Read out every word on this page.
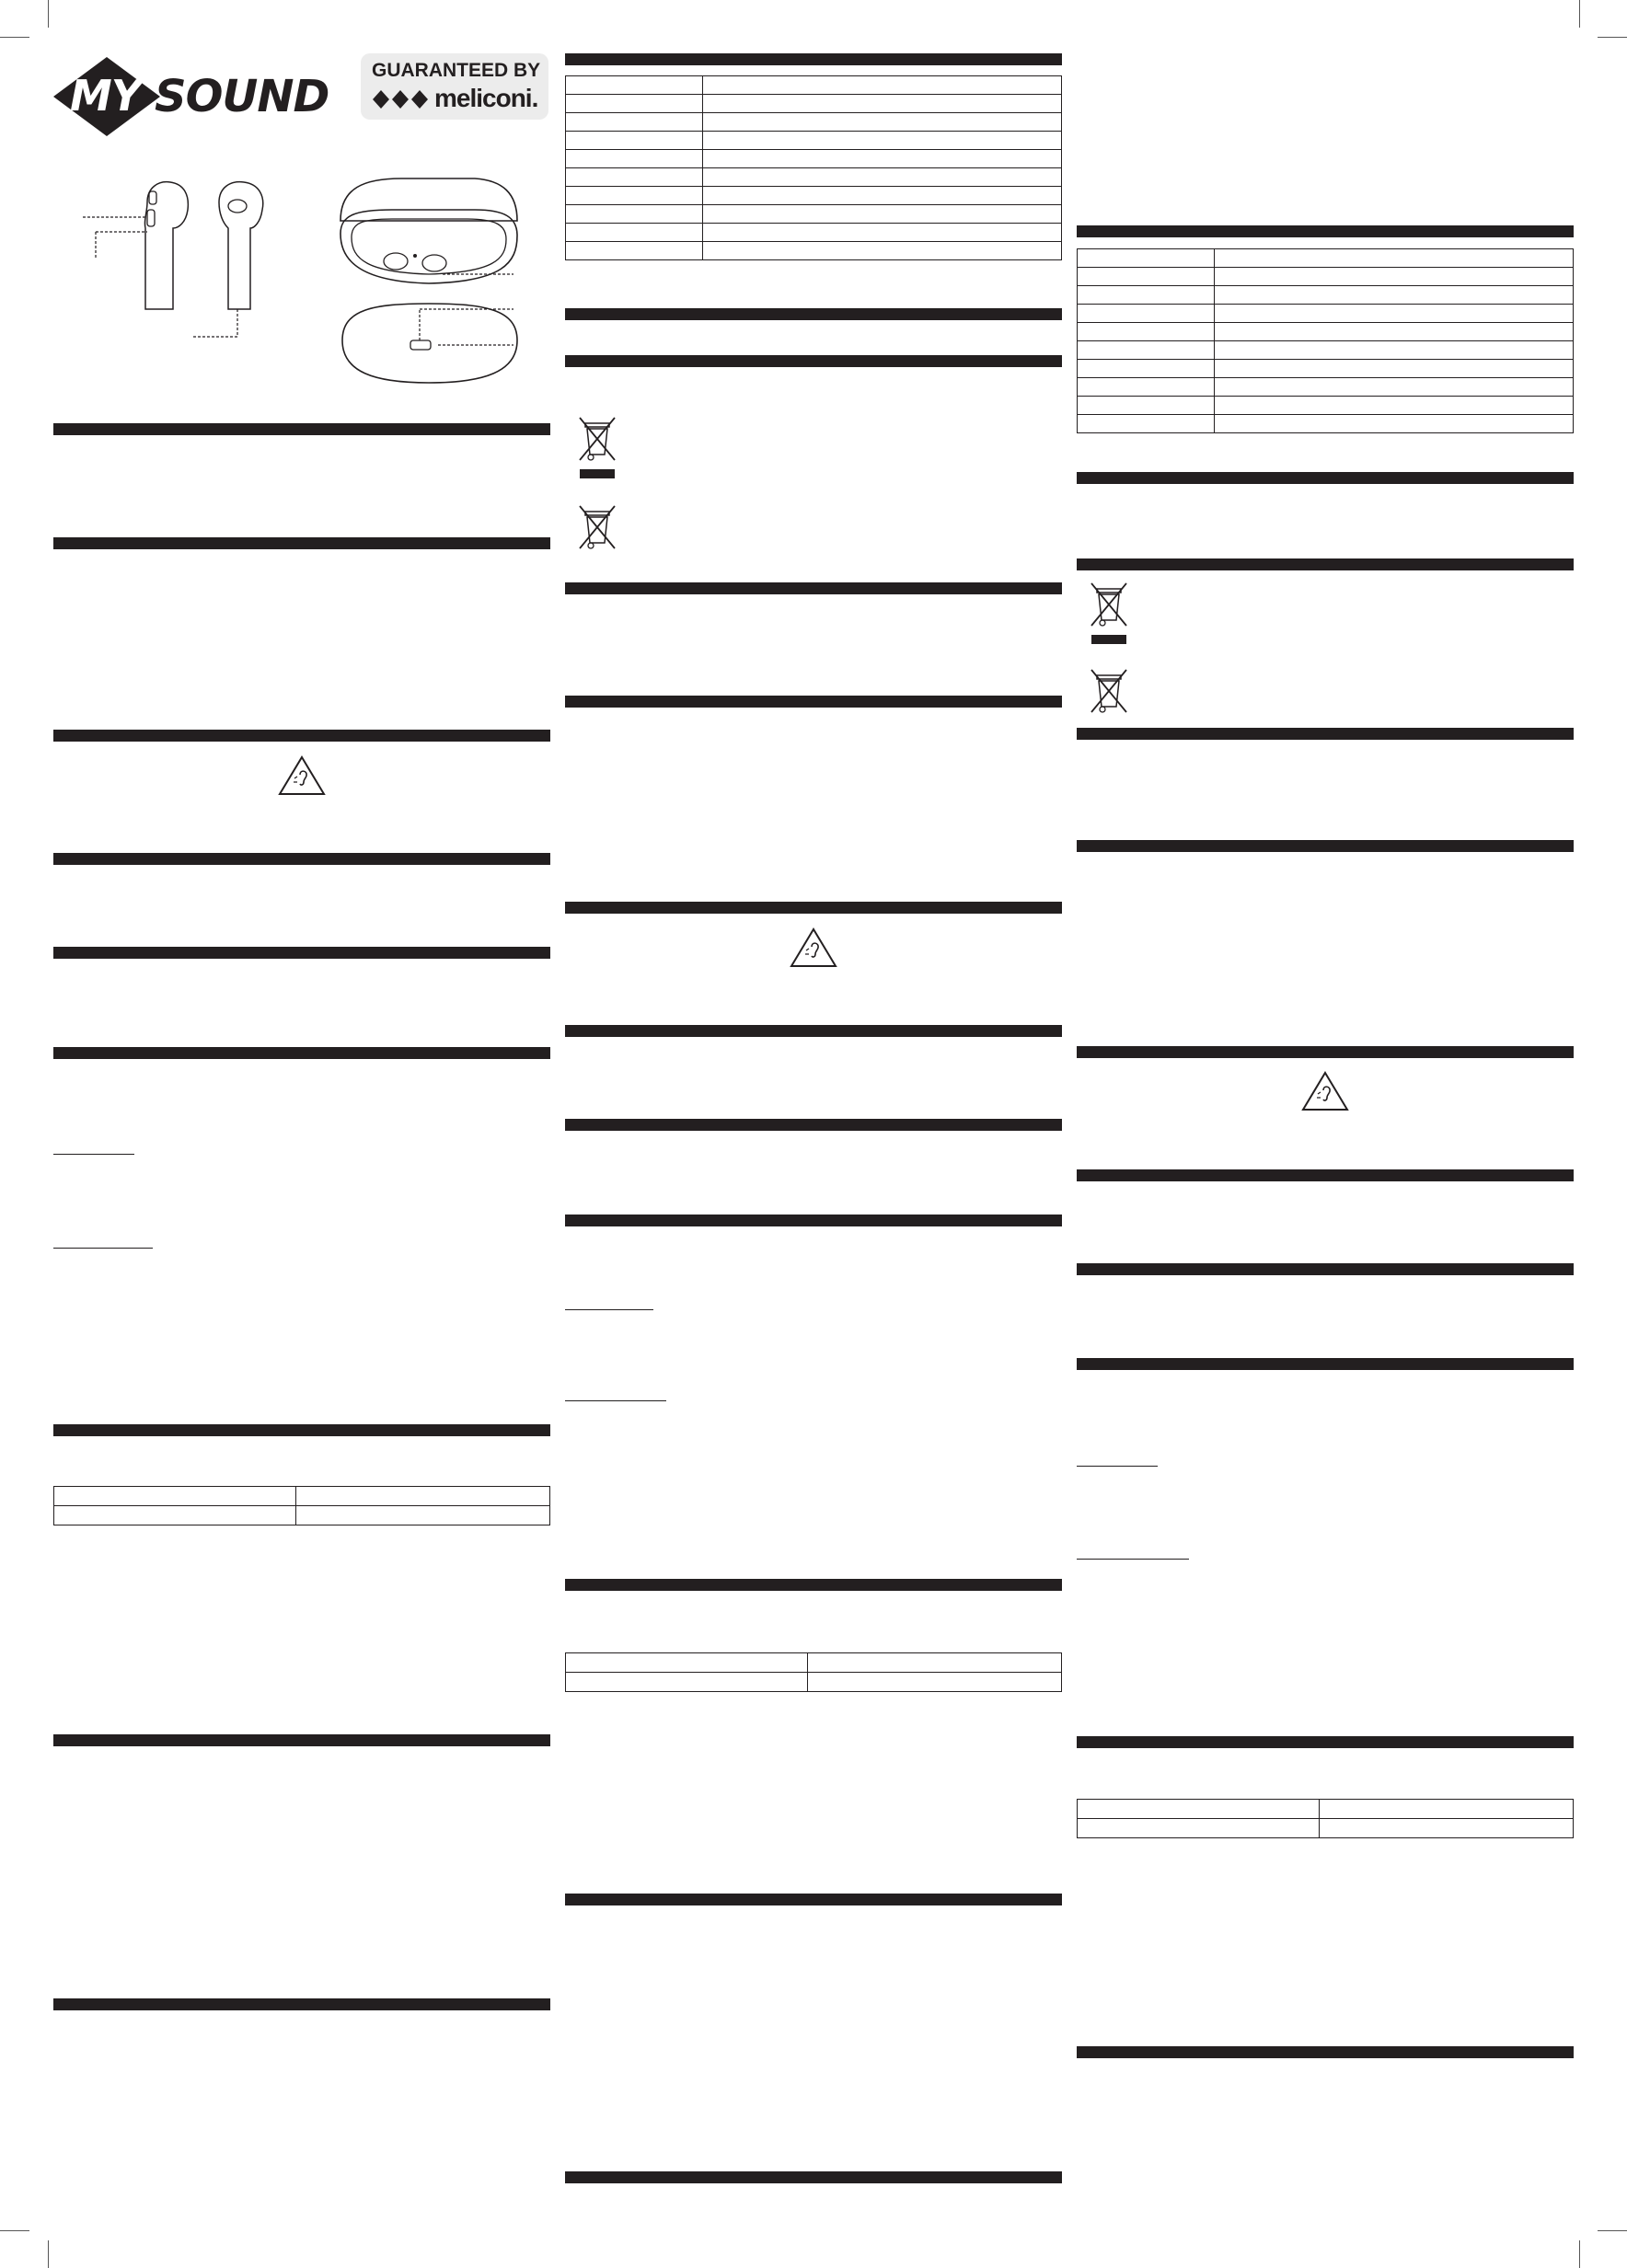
MY SOUND
GUARANTEED BY
meliconi.
